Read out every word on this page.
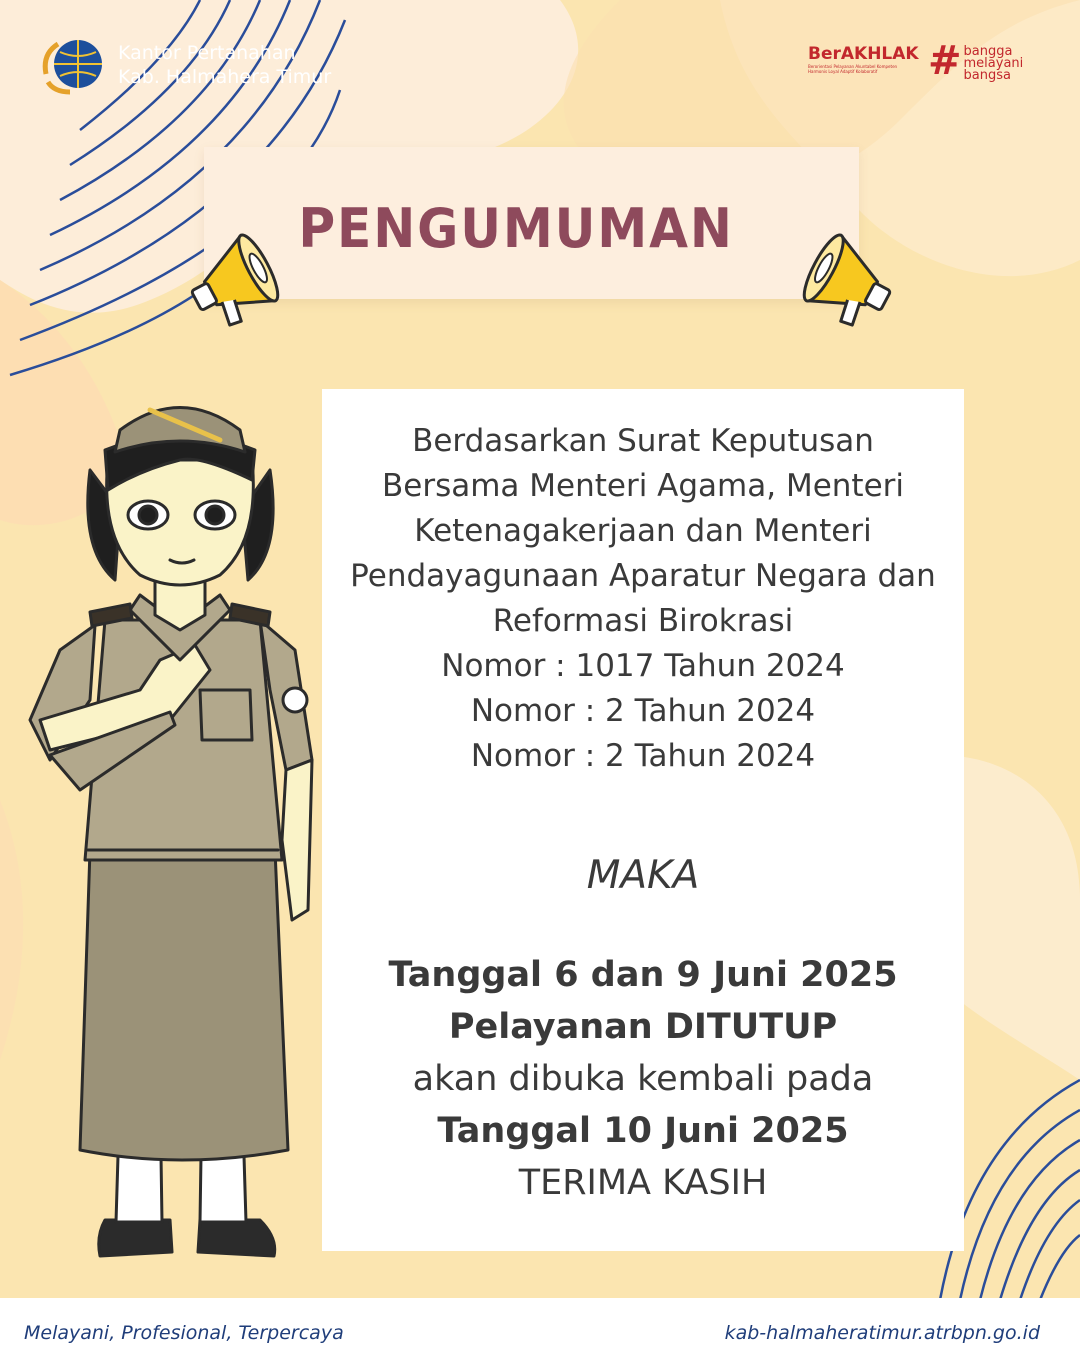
Kantor Pertanahan
Kab. Halmahera Timur
BerAKHLAK
Berorientasi Pelayanan Akuntabel Kompeten
Harmonis Loyal Adaptif Kolaboratif	# bangga
melayani
bangsa
PENGUMUMAN
Berdasarkan Surat Keputusan
Bersama Menteri Agama, Menteri
Ketenagakerjaan dan Menteri
Pendayagunaan Aparatur Negara dan
Reformasi Birokrasi
Nomor : 1017 Tahun 2024
Nomor : 2 Tahun 2024
Nomor : 2 Tahun 2024
MAKA
Tanggal 6 dan 9 Juni 2025
Pelayanan DITUTUP
akan dibuka kembali pada
Tanggal 10 Juni 2025
TERIMA KASIH
Melayani, Profesional, Terpercaya	kab-halmaheratimur.atrbpn.go.id
